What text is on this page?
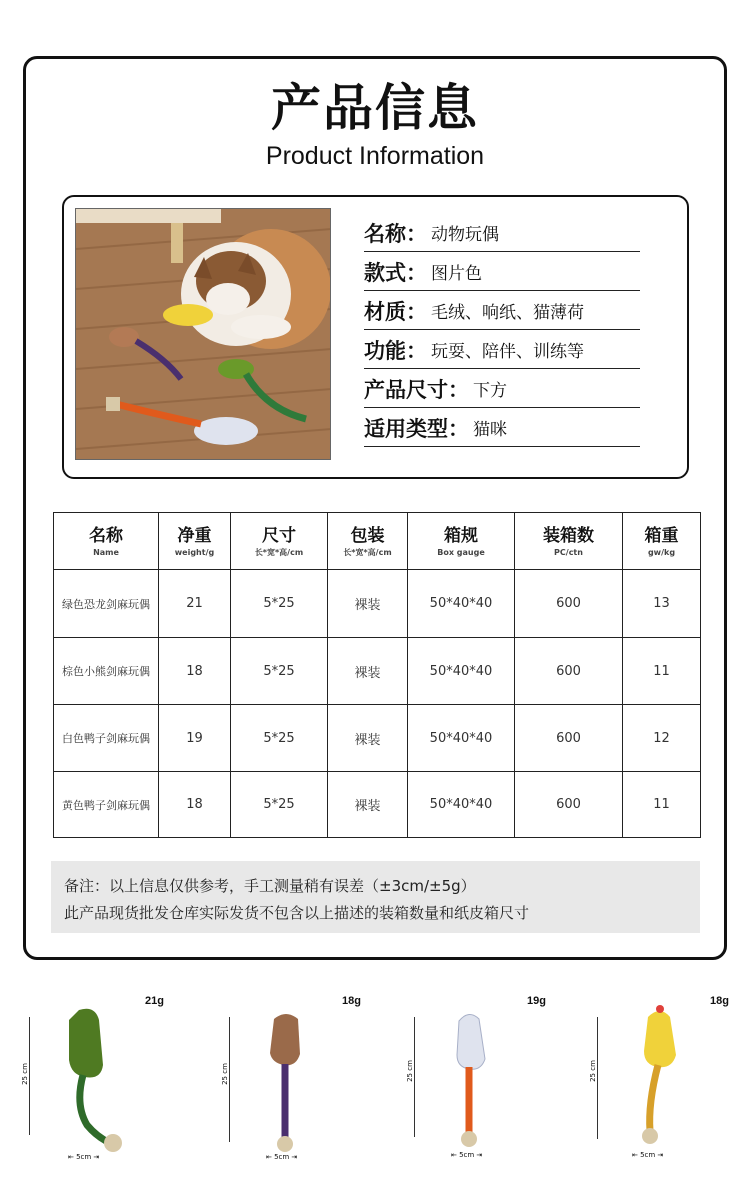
产品信息
Product Information
名称： 动物玩偶
款式： 图片色
材质： 毛绒、响纸、猫薄荷
功能： 玩耍、陪伴、训练等
产品尺寸： 下方
适用类型： 猫咪
名称
Name	净重
weight/g	尺寸
长*宽*高/cm	包装
长*宽*高/cm	箱规
Box gauge	装箱数
PC/ctn	箱重
gw/kg

绿色恐龙剑麻玩偶	21	5*25	裸装	50*40*40	600	13
棕色小熊剑麻玩偶	18	5*25	裸装	50*40*40	600	11
白色鸭子剑麻玩偶	19	5*25	裸装	50*40*40	600	12
黄色鸭子剑麻玩偶	18	5*25	裸装	50*40*40	600	11
备注：以上信息仅供参考，手工测量稍有误差（±3cm/±5g）
此产品现货批发仓库实际发货不包含以上描述的装箱数量和纸皮箱尺寸
21g
25 cm
⇤ 5cm ⇥
18g
25 cm
⇤ 5cm ⇥
19g
25 cm
⇤ 5cm ⇥
18g
25 cm
⇤ 5cm ⇥
